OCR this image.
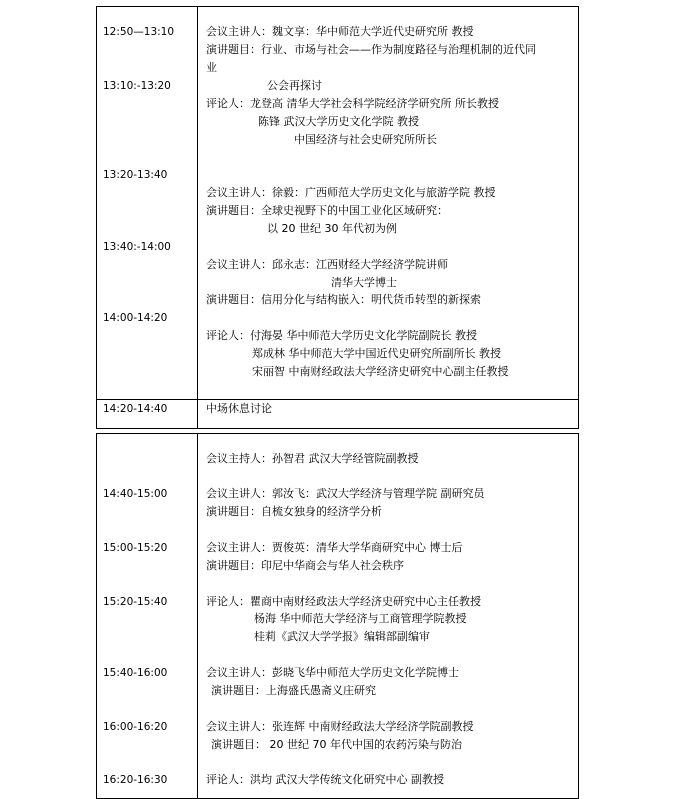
12:50—13:10
13:10:-13:20
13:20-13:40
13:40:-14:00
14:00-14:20
会议主讲人：魏文享：华中师范大学近代史研究所 教授
演讲题目：行业、市场与社会——作为制度路径与治理机制的近代同
业
公会再探讨
评论人：龙登高 清华大学社会科学院经济学研究所 所长教授
陈锋 武汉大学历史文化学院 教授
中国经济与社会史研究所所长
会议主讲人：徐毅：广西师范大学历史文化与旅游学院 教授
演讲题目：全球史视野下的中国工业化区域研究：
以 20 世纪 30 年代初为例
会议主讲人：邱永志：江西财经大学经济学院讲师
清华大学博士
演讲题目：信用分化与结构嵌入：明代货币转型的新探索
评论人：付海晏 华中师范大学历史文化学院副院长 教授
郑成林 华中师范大学中国近代史研究所副所长 教授
宋丽智 中南财经政法大学经济史研究中心副主任教授
14:20-14:40	中场休息讨论
14:40-15:00
15:00-15:20
15:20-15:40
15:40-16:00
16:00-16:20
16:20-16:30
会议主持人：孙智君 武汉大学经管院副教授
会议主讲人：郭汝飞：武汉大学经济与管理学院 副研究员
演讲题目：自梳女独身的经济学分析
会议主讲人：贾俊英：清华大学华商研究中心 博士后
演讲题目：印尼中华商会与华人社会秩序
评论人：瞿商中南财经政法大学经济史研究中心主任教授
杨海 华中师范大学经济与工商管理学院教授
桂莉《武汉大学学报》编辑部副编审
会议主讲人：彭晓飞华中师范大学历史文化学院博士
演讲题目：上海盛氏愚斋义庄研究
会议主讲人：张连辉 中南财经政法大学经济学院副教授
演讲题目： 20 世纪 70 年代中国的农药污染与防治
评论人：洪均 武汉大学传统文化研究中心 副教授
